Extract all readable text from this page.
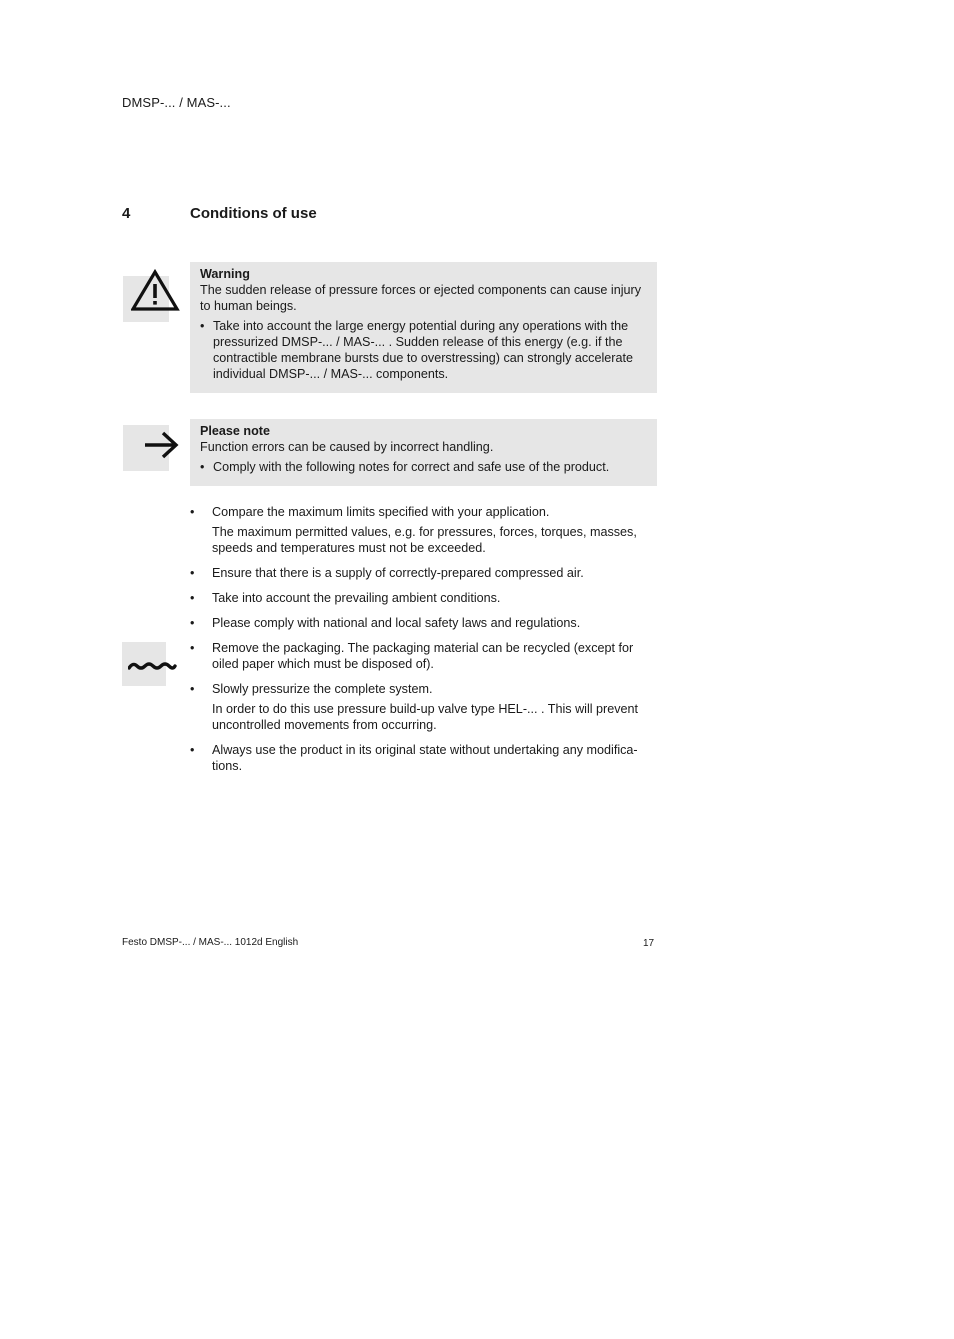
DMSP-... / MAS-...
4	Conditions of use
Warning
The sudden release of pressure forces or ejected components can cause injury to human beings.
• Take into account the large energy potential during any operations with the pressurized DMSP-... / MAS-... . Sudden release of this energy (e.g. if the contractible membrane bursts due to overstressing) can strongly accelerate individual DMSP-... / MAS-... components.
Please note
Function errors can be caused by incorrect handling.
• Comply with the following notes for correct and safe use of the product.
• Compare the maximum limits specified with your application.
The maximum permitted values, e.g. for pressures, forces, torques, masses, speeds and temperatures must not be exceeded.
• Ensure that there is a supply of correctly-prepared compressed air.
• Take into account the prevailing ambient conditions.
• Please comply with national and local safety laws and regulations.
• Remove the packaging. The packaging material can be recycled (except for oiled paper which must be disposed of).
• Slowly pressurize the complete system.
In order to do this use pressure build-up valve type HEL-... . This will prevent uncontrolled movements from occurring.
• Always use the product in its original state without undertaking any modifica-tions.
Festo DMSP-... / MAS-... 1012d English	17
